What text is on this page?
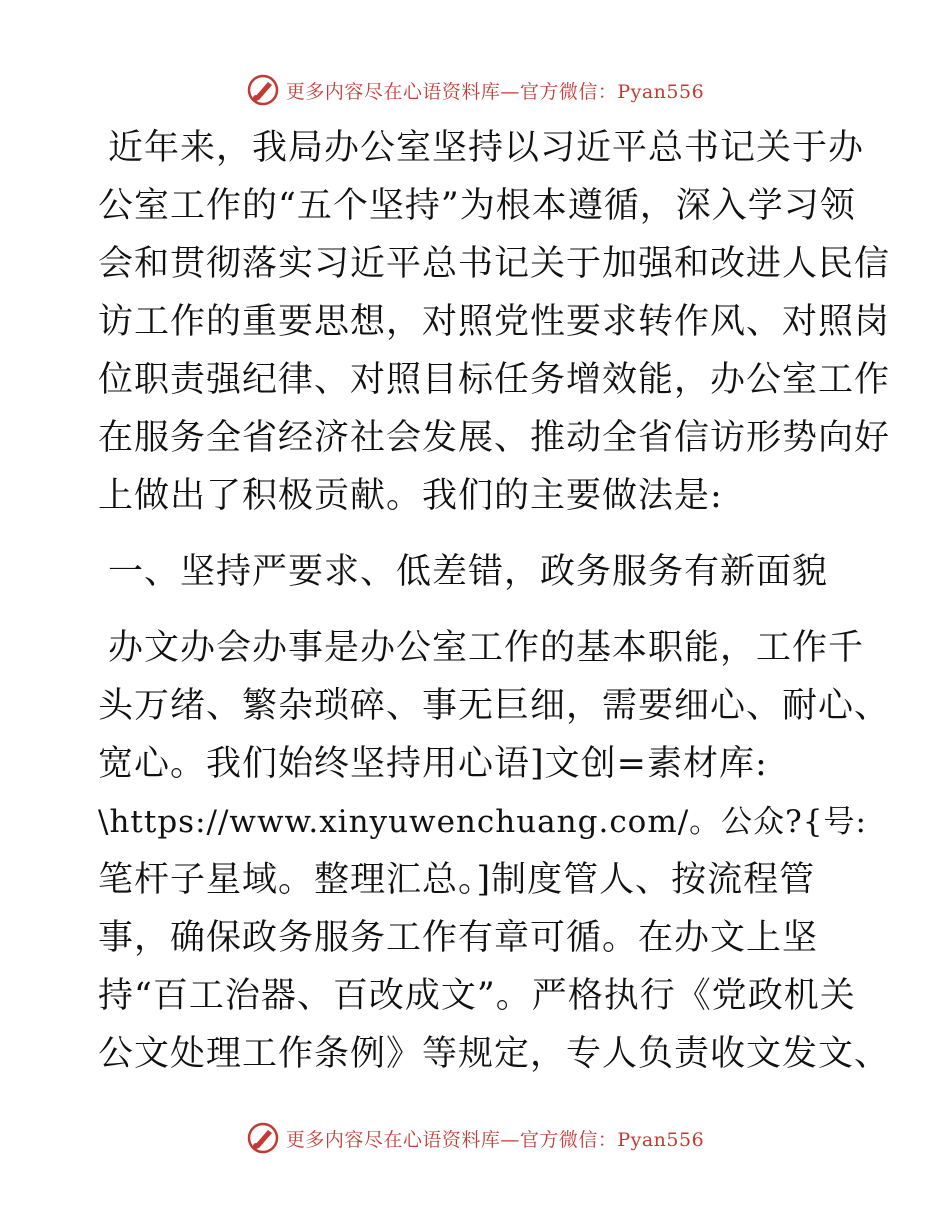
更多内容尽在心语资料库—官方微信：Pyan556
近年来，我局办公室坚持以习近平总书记关于办
公室工作的“五个坚持”为根本遵循，深入学习领
会和贯彻落实习近平总书记关于加强和改进人民信
访工作的重要思想，对照党性要求转作风、对照岗
位职责强纪律、对照目标任务增效能，办公室工作
在服务全省经济社会发展、推动全省信访形势向好
上做出了积极贡献。我们的主要做法是:
一、坚持严要求、低差错，政务服务有新面貌
办文办会办事是办公室工作的基本职能，工作千
头万绪、繁杂琐碎、事无巨细，需要细心、耐心、
宽心。我们始终坚持用心语]文创=素材库:
\https://www.xinyuwenchuang.com/。公众?{号:
笔杆子星域。整理汇总。]制度管人、按流程管
事，确保政务服务工作有章可循。在办文上坚
持“百工治器、百改成文”。严格执行《党政机关
公文处理工作条例》等规定，专人负责收文发文、
更多内容尽在心语资料库—官方微信：Pyan556
